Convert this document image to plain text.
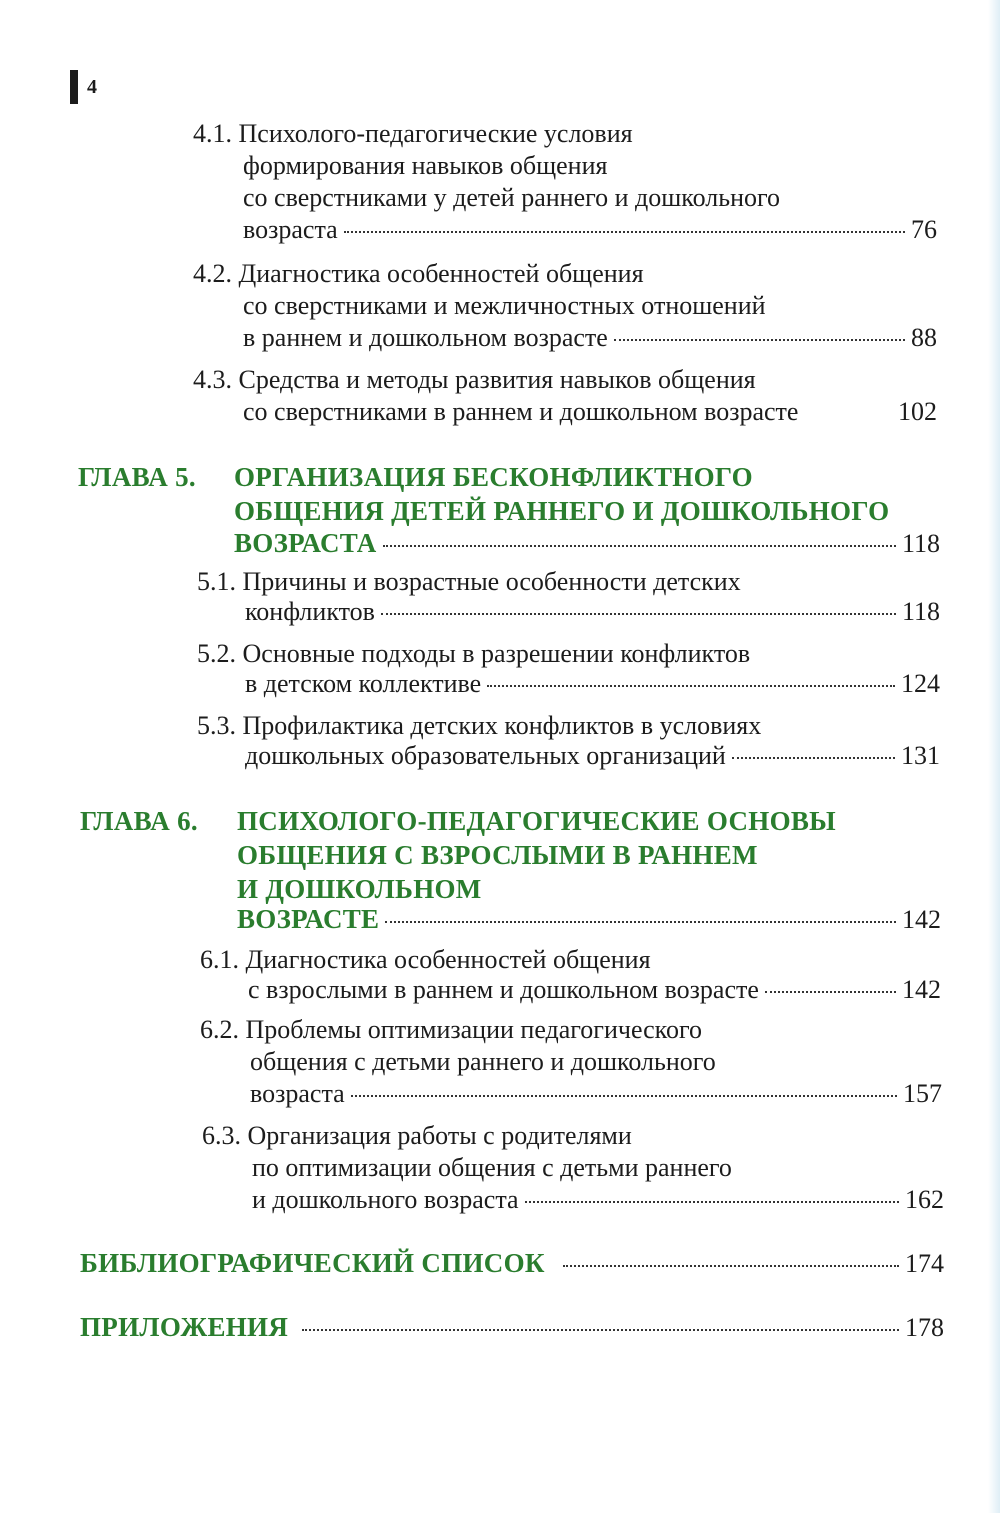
4
4.1. Психолого-педагогические условия
формирования навыков общения
со сверстниками у детей раннего и дошкольного
возраста	76
4.2. Диагностика особенностей общения
со сверстниками и межличностных отношений
в раннем и дошкольном возрасте	88
4.3. Средства и методы развития навыков общения
со сверстниками в раннем и дошкольном возрасте	102
ГЛАВА 5. ОРГАНИЗАЦИЯ БЕСКОНФЛИКТНОГО
ОБЩЕНИЯ ДЕТЕЙ РАННЕГО И ДОШКОЛЬНОГО
ВОЗРАСТА	118
5.1. Причины и возрастные особенности детских
конфликтов	118
5.2. Основные подходы в разрешении конфликтов
в детском коллективе	124
5.3. Профилактика детских конфликтов в условиях
дошкольных образовательных организаций	131
ГЛАВА 6. ПСИХОЛОГО-ПЕДАГОГИЧЕСКИЕ ОСНОВЫ
ОБЩЕНИЯ С ВЗРОСЛЫМИ В РАННЕМ
И ДОШКОЛЬНОМ
ВОЗРАСТЕ	142
6.1. Диагностика особенностей общения
с взрослыми в раннем и дошкольном возрасте	142
6.2. Проблемы оптимизации педагогического
общения с детьми раннего и дошкольного
возраста	157
6.3. Организация работы с родителями
по оптимизации общения с детьми раннего
и дошкольного возраста	162
БИБЛИОГРАФИЧЕСКИЙ СПИСОК	174
ПРИЛОЖЕНИЯ	178
